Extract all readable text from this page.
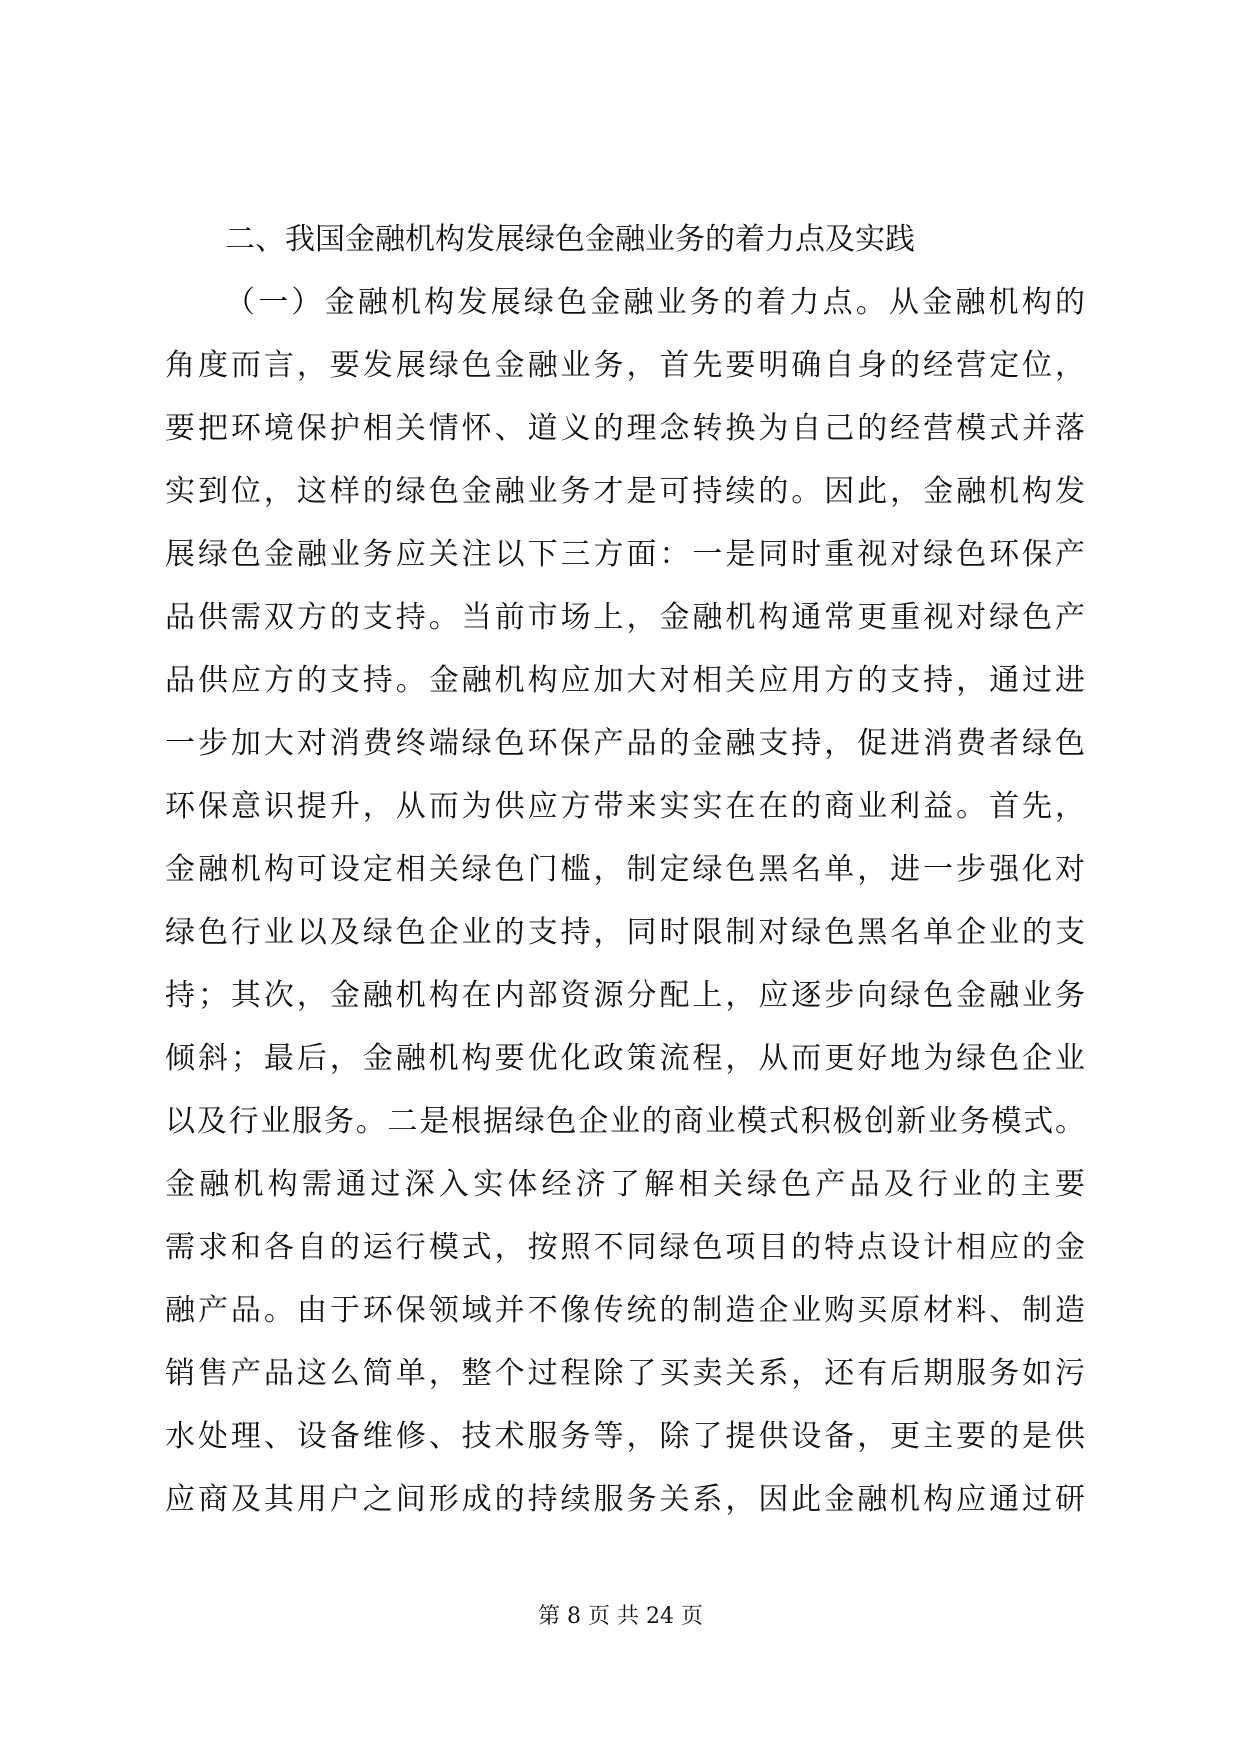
二、我国金融机构发展绿色金融业务的着力点及实践
（一）金融机构发展绿色金融业务的着力点。从金融机构的
角度而言，要发展绿色金融业务，首先要明确自身的经营定位，
要把环境保护相关情怀、道义的理念转换为自己的经营模式并落
实到位，这样的绿色金融业务才是可持续的。因此，金融机构发
展绿色金融业务应关注以下三方面：一是同时重视对绿色环保产
品供需双方的支持。当前市场上，金融机构通常更重视对绿色产
品供应方的支持。金融机构应加大对相关应用方的支持，通过进
一步加大对消费终端绿色环保产品的金融支持，促进消费者绿色
环保意识提升，从而为供应方带来实实在在的商业利益。首先，
金融机构可设定相关绿色门槛，制定绿色黑名单，进一步强化对
绿色行业以及绿色企业的支持，同时限制对绿色黑名单企业的支
持；其次，金融机构在内部资源分配上，应逐步向绿色金融业务
倾斜；最后，金融机构要优化政策流程，从而更好地为绿色企业
以及行业服务。二是根据绿色企业的商业模式积极创新业务模式。
金融机构需通过深入实体经济了解相关绿色产品及行业的主要
需求和各自的运行模式，按照不同绿色项目的特点设计相应的金
融产品。由于环保领域并不像传统的制造企业购买原材料、制造
销售产品这么简单，整个过程除了买卖关系，还有后期服务如污
水处理、设备维修、技术服务等，除了提供设备，更主要的是供
应商及其用户之间形成的持续服务关系，因此金融机构应通过研
第 8 页 共 24 页
